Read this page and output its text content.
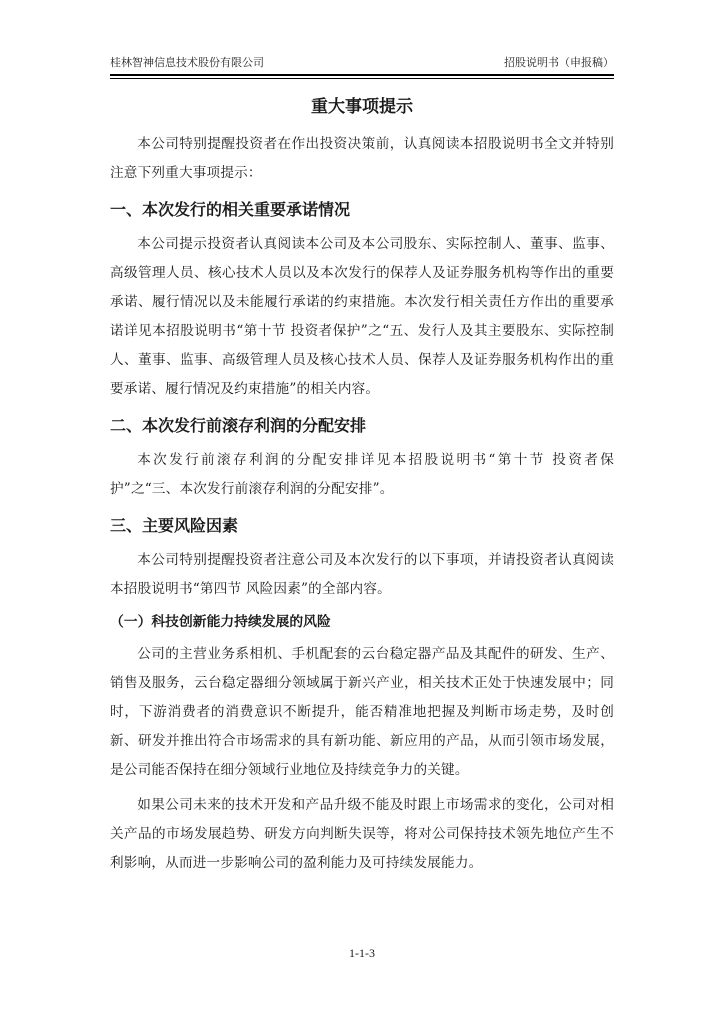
桂林智神信息技术股份有限公司	招股说明书（申报稿）
重大事项提示

本公司特别提醒投资者在作出投资决策前，认真阅读本招股说明书全文并特别注意下列重大事项提示：

一、本次发行的相关重要承诺情况

本公司提示投资者认真阅读本公司及本公司股东、实际控制人、董事、监事、高级管理人员、核心技术人员以及本次发行的保荐人及证券服务机构等作出的重要承诺、履行情况以及未能履行承诺的约束措施。本次发行相关责任方作出的重要承诺详见本招股说明书“第十节 投资者保护”之“五、发行人及其主要股东、实际控制人、董事、监事、高级管理人员及核心技术人员、保荐人及证券服务机构作出的重要承诺、履行情况及约束措施”的相关内容。

二、本次发行前滚存利润的分配安排

本次发行前滚存利润的分配安排详见本招股说明书“第十节 投资者保护”之“三、本次发行前滚存利润的分配安排”。

三、主要风险因素

本公司特别提醒投资者注意公司及本次发行的以下事项，并请投资者认真阅读本招股说明书“第四节 风险因素”的全部内容。

（一）科技创新能力持续发展的风险

公司的主营业务系相机、手机配套的云台稳定器产品及其配件的研发、生产、销售及服务，云台稳定器细分领域属于新兴产业，相关技术正处于快速发展中；同时，下游消费者的消费意识不断提升，能否精准地把握及判断市场走势，及时创新、研发并推出符合市场需求的具有新功能、新应用的产品，从而引领市场发展，是公司能否保持在细分领域行业地位及持续竞争力的关键。

如果公司未来的技术开发和产品升级不能及时跟上市场需求的变化，公司对相关产品的市场发展趋势、研发方向判断失误等，将对公司保持技术领先地位产生不利影响，从而进一步影响公司的盈利能力及可持续发展能力。

1-1-3
